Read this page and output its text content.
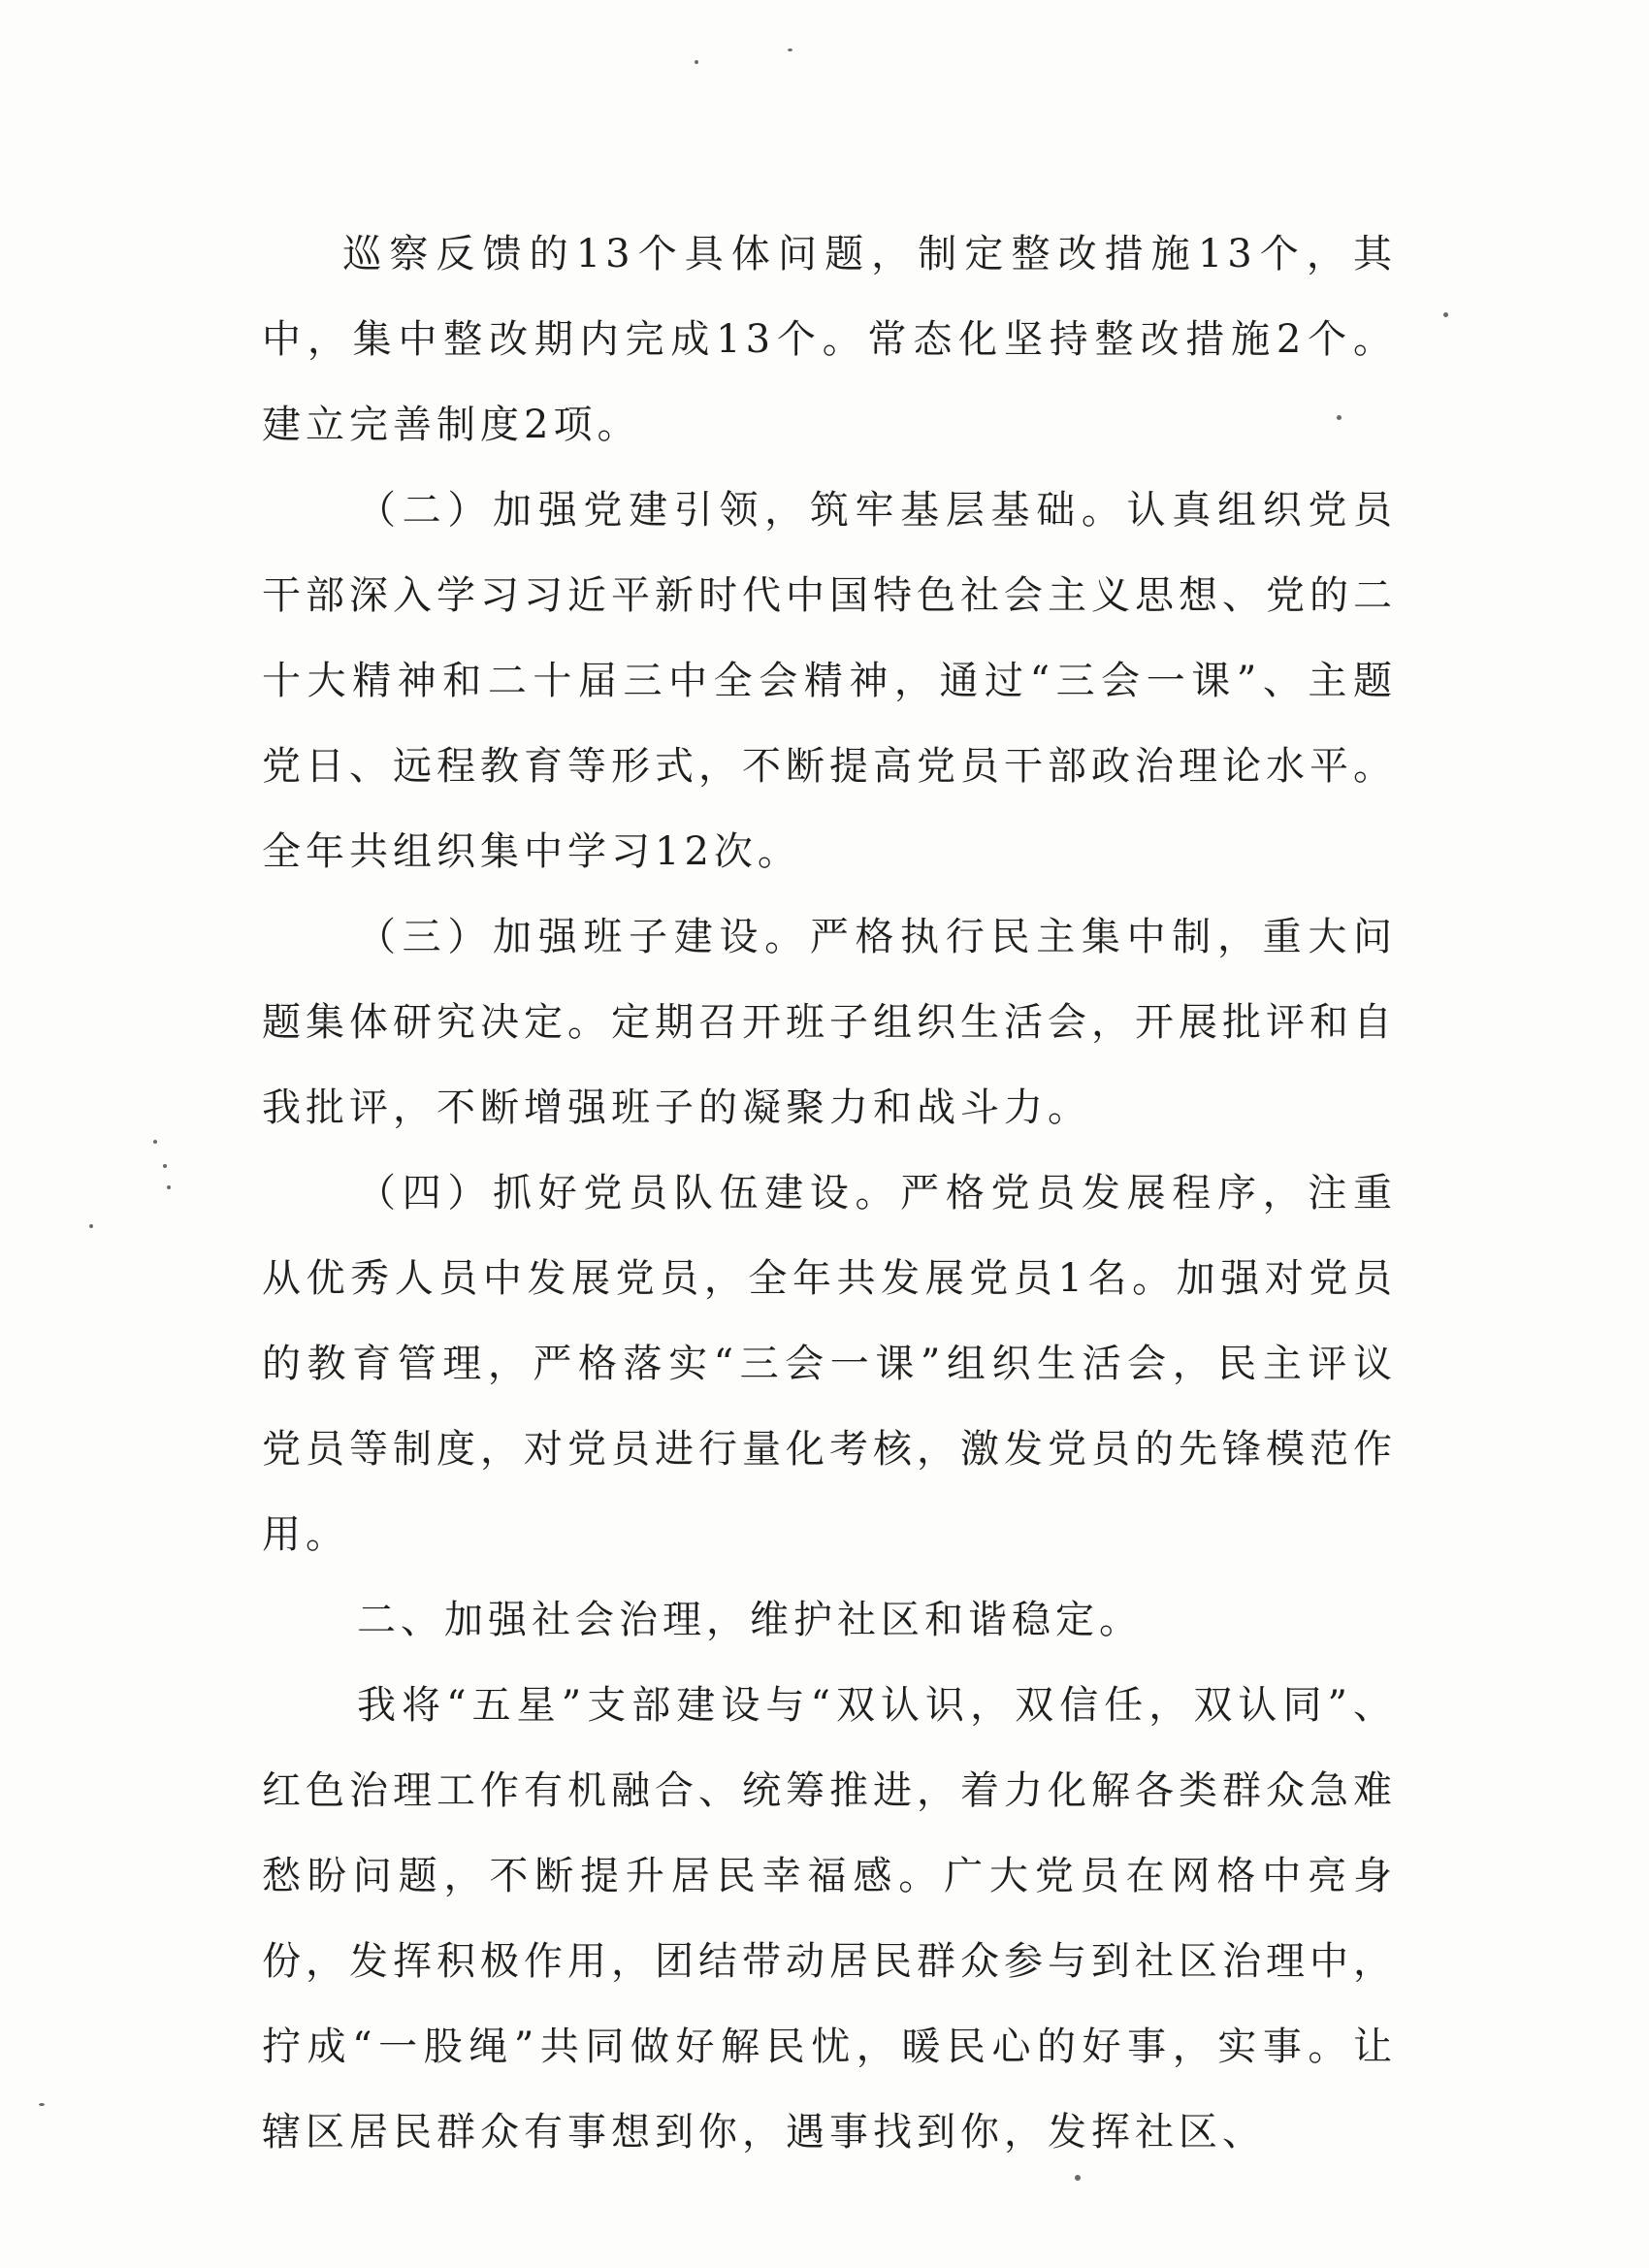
巡察反馈的13个具体问题，制定整改措施13个，其中，集中整改期内完成13个。常态化坚持整改措施2个。建立完善制度2项。

（二）加强党建引领，筑牢基层基础。认真组织党员干部深入学习习近平新时代中国特色社会主义思想、党的二十大精神和二十届三中全会精神，通过“三会一课”、主题党日、远程教育等形式，不断提高党员干部政治理论水平。全年共组织集中学习12次。

（三）加强班子建设。严格执行民主集中制，重大问题集体研究决定。定期召开班子组织生活会，开展批评和自我批评，不断增强班子的凝聚力和战斗力。

（四）抓好党员队伍建设。严格党员发展程序，注重从优秀人员中发展党员，全年共发展党员1名。加强对党员的教育管理，严格落实“三会一课”组织生活会，民主评议党员等制度，对党员进行量化考核，激发党员的先锋模范作用。

二、加强社会治理，维护社区和谐稳定。

我将“五星”支部建设与“双认识，双信任，双认同”、红色治理工作有机融合、统筹推进，着力化解各类群众急难愁盼问题，不断提升居民幸福感。广大党员在网格中亮身份，发挥积极作用，团结带动居民群众参与到社区治理中，拧成“一股绳”共同做好解民忧，暖民心的好事，实事。让辖区居民群众有事想到你，遇事找到你，发挥社区、
